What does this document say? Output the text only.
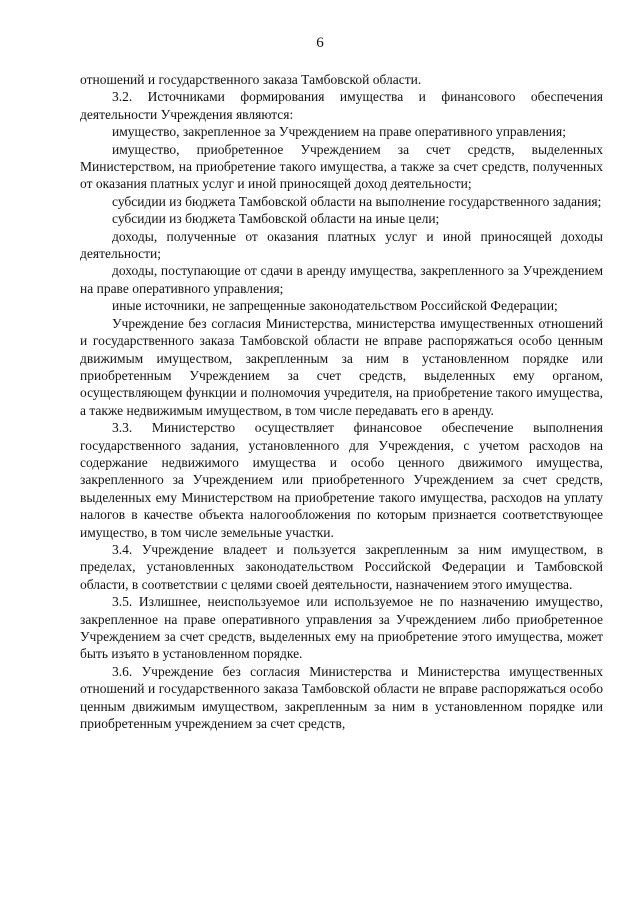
6

отношений и государственного заказа Тамбовской области.

3.2. Источниками формирования имущества и финансового обеспечения деятельности Учреждения являются:

имущество, закрепленное за Учреждением на праве оперативного управления;

имущество, приобретенное Учреждением за счет средств, выделенных Министерством, на приобретение такого имущества, а также за счет средств, полученных от оказания платных услуг и иной приносящей доход деятельности;

субсидии из бюджета Тамбовской области на выполнение государственного задания;

субсидии из бюджета Тамбовской области на иные цели;

доходы, полученные от оказания платных услуг и иной приносящей доходы деятельности;

доходы, поступающие от сдачи в аренду имущества, закрепленного за Учреждением на праве оперативного управления;

иные источники, не запрещенные законодательством Российской Федерации;

Учреждение без согласия Министерства, министерства имущественных отношений и государственного заказа Тамбовской области не вправе распоряжаться особо ценным движимым имуществом, закрепленным за ним в установленном порядке или приобретенным Учреждением за счет средств, выделенных ему органом, осуществляющем функции и полномочия учредителя, на приобретение такого имущества, а также недвижимым имуществом, в том числе передавать его в аренду.

3.3. Министерство осуществляет финансовое обеспечение выполнения государственного задания, установленного для Учреждения, с учетом расходов на содержание недвижимого имущества и особо ценного движимого имущества, закрепленного за Учреждением или приобретенного Учреждением за счет средств, выделенных ему Министерством на приобретение такого имущества, расходов на уплату налогов в качестве объекта налогообложения по которым признается соответствующее имущество, в том числе земельные участки.

3.4. Учреждение владеет и пользуется закрепленным за ним имуществом, в пределах, установленных законодательством Российской Федерации и Тамбовской области, в соответствии с целями своей деятельности, назначением этого имущества.

3.5. Излишнее, неиспользуемое или используемое не по назначению имущество, закрепленное на праве оперативного управления за Учреждением либо приобретенное Учреждением за счет средств, выделенных ему на приобретение этого имущества, может быть изъято в установленном порядке.

3.6. Учреждение без согласия Министерства и Министерства имущественных отношений и государственного заказа Тамбовской области не вправе распоряжаться особо ценным движимым имуществом, закрепленным за ним в установленном порядке или приобретенным учреждением за счет средств,
